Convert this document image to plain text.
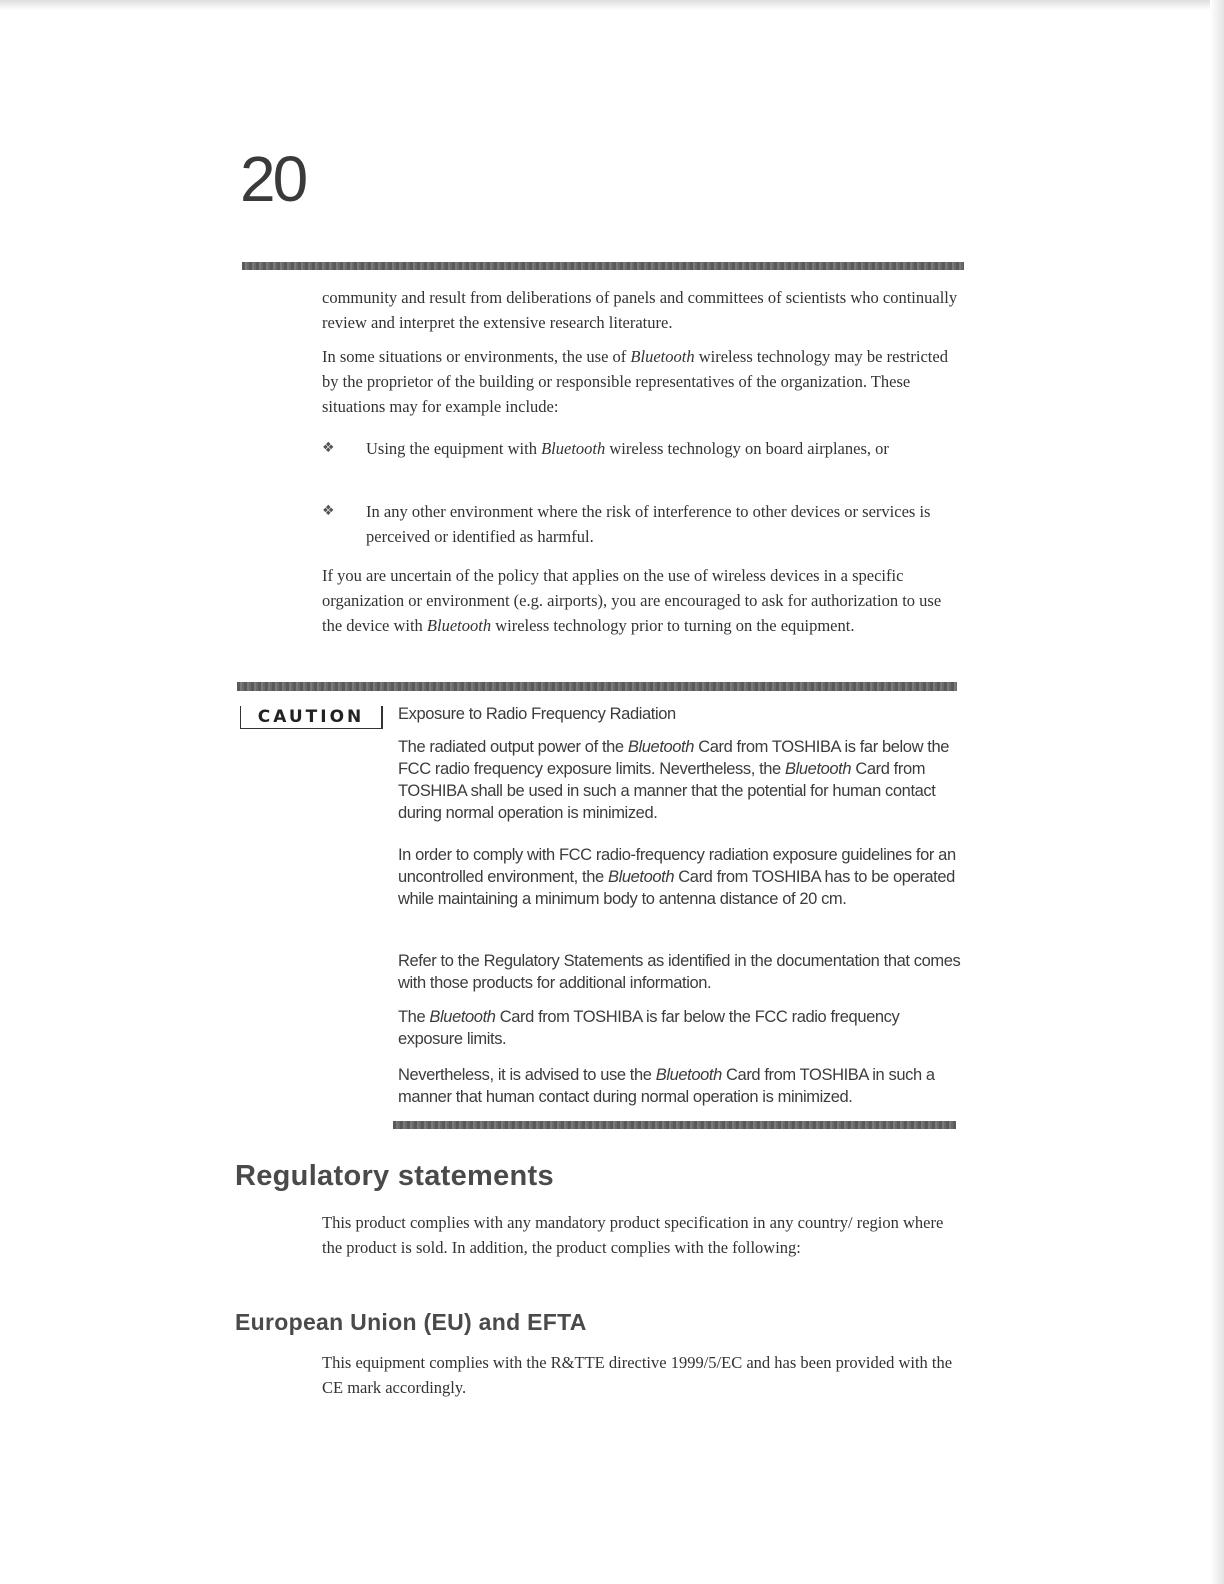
20

community and result from deliberations of panels and committees of scientists who continually review and interpret the extensive research literature.

In some situations or environments, the use of Bluetooth wireless technology may be restricted by the proprietor of the building or responsible representatives of the organization. These situations may for example include:

❖ Using the equipment with Bluetooth wireless technology on board airplanes, or
❖ In any other environment where the risk of interference to other devices or services is perceived or identified as harmful.

If you are uncertain of the policy that applies on the use of wireless devices in a specific organization or environment (e.g. airports), you are encouraged to ask for authorization to use the device with Bluetooth wireless technology prior to turning on the equipment.

CAUTION	Exposure to Radio Frequency Radiation

The radiated output power of the Bluetooth Card from TOSHIBA is far below the FCC radio frequency exposure limits. Nevertheless, the Bluetooth Card from TOSHIBA shall be used in such a manner that the potential for human contact during normal operation is minimized.

In order to comply with FCC radio-frequency radiation exposure guidelines for an uncontrolled environment, the Bluetooth Card from TOSHIBA has to be operated while maintaining a minimum body to antenna distance of 20 cm.

Refer to the Regulatory Statements as identified in the documentation that comes with those products for additional information.

The Bluetooth Card from TOSHIBA is far below the FCC radio frequency exposure limits.

Nevertheless, it is advised to use the Bluetooth Card from TOSHIBA in such a manner that human contact during normal operation is minimized.

Regulatory statements

This product complies with any mandatory product specification in any country/ region where the product is sold. In addition, the product complies with the following:

European Union (EU) and EFTA

This equipment complies with the R&TTE directive 1999/5/EC and has been provided with the CE mark accordingly.
